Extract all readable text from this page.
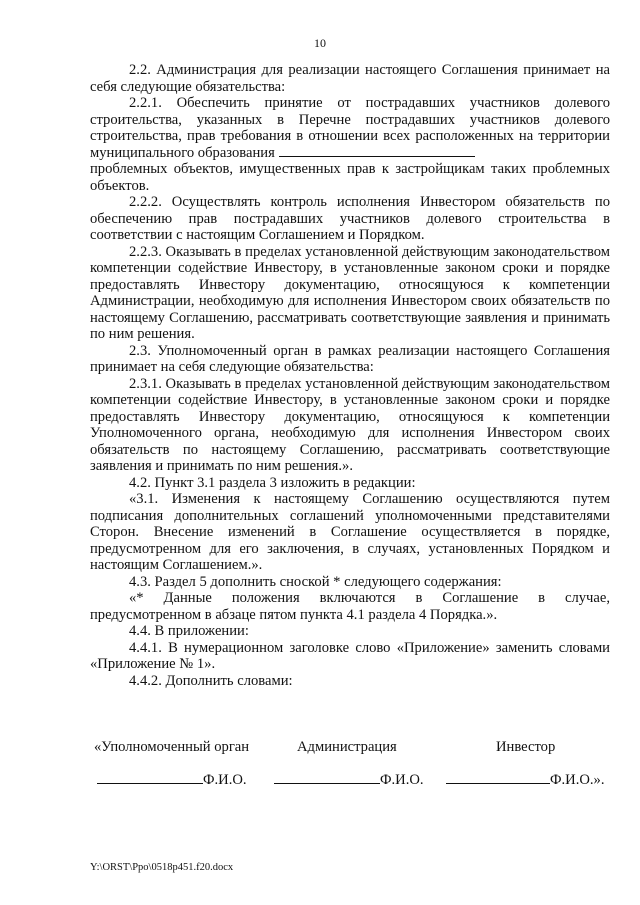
10

2.2. Администрация для реализации настоящего Соглашения принимает на себя следующие обязательства:

2.2.1. Обеспечить принятие от пострадавших участников долевого строительства, указанных в Перечне пострадавших участников долевого строительства, прав требования в отношении всех расположенных на территории муниципального образования

проблемных объектов, имущественных прав к застройщикам таких проблемных объектов.

2.2.2. Осуществлять контроль исполнения Инвестором обязательств по обеспечению прав пострадавших участников долевого строительства в соответствии с настоящим Соглашением и Порядком.

2.2.3. Оказывать в пределах установленной действующим законодательством компетенции содействие Инвестору, в установленные законом сроки и порядке предоставлять Инвестору документацию, относящуюся к компетенции Администрации, необходимую для исполнения Инвестором своих обязательств по настоящему Соглашению, рассматривать соответствующие заявления и принимать по ним решения.

2.3. Уполномоченный орган в рамках реализации настоящего Соглашения принимает на себя следующие обязательства:

2.3.1. Оказывать в пределах установленной действующим законодательством компетенции содействие Инвестору, в установленные законом сроки и порядке предоставлять Инвестору документацию, относящуюся к компетенции Уполномоченного органа, необходимую для исполнения Инвестором своих обязательств по настоящему Соглашению, рассматривать соответствующие заявления и принимать по ним решения.».

4.2. Пункт 3.1 раздела 3 изложить в редакции:

«3.1. Изменения к настоящему Соглашению осуществляются путем подписания дополнительных соглашений уполномоченными представителями Сторон. Внесение изменений в Соглашение осуществляется в порядке, предусмотренном для его заключения, в случаях, установленных Порядком и настоящим Соглашением.».

4.3. Раздел 5 дополнить сноской * следующего содержания:

«* Данные положения включаются в Соглашение в случае, предусмотренном в абзаце пятом пункта 4.1 раздела 4 Порядка.».

4.4. В приложении:

4.4.1. В нумерационном заголовке слово «Приложение» заменить словами «Приложение № 1».

4.4.2. Дополнить словами:

«Уполномоченный орган	Администрация	Инвестор
Ф.И.О.	Ф.И.О.	Ф.И.О.».
Y:\ORST\Ppo\0518p451.f20.docx
